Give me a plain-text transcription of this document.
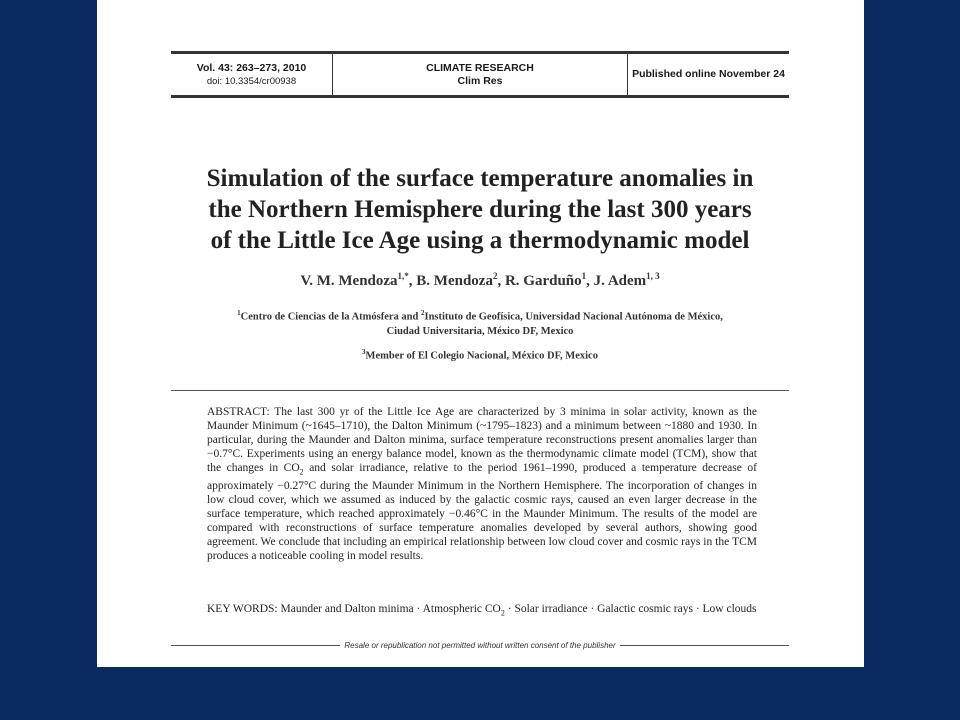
Vol. 43: 263–273, 2010
doi: 10.3354/cr00938
CLIMATE RESEARCH
Clim Res
Published online November 24
Simulation of the surface temperature anomalies in
the Northern Hemisphere during the last 300 years
of the Little Ice Age using a thermodynamic model
V. M. Mendoza$^{1,*}$, B. Mendoza$^2$, R. Garduño$^1$, J. Adem$^{1, 3}$
$^1$Centro de Ciencias de la Atmósfera and $^2$Instituto de Geofísica, Universidad Nacional Autónoma de México,
Ciudad Universitaria, México DF, Mexico
$^3$Member of El Colegio Nacional, México DF, Mexico

ABSTRACT: The last 300 yr of the Little Ice Age are characterized by 3 minima in solar activity, known as the Maunder Minimum (~1645–1710), the Dalton Minimum (~1795–1823) and a minimum between ~1880 and 1930. In particular, during the Maunder and Dalton minima, surface temperature reconstructions present anomalies larger than −0.7°C. Experiments using an energy balance model, known as the thermodynamic climate model (TCM), show that the changes in $CO_2$ and solar irradiance, relative to the period 1961–1990, produced a temperature decrease of approximately −0.27°C during the Maunder Minimum in the Northern Hemisphere. The incorporation of changes in low cloud cover, which we assumed as induced by the galactic cosmic rays, caused an even larger decrease in the surface temperature, which reached approximately −0.46°C in the Maunder Minimum. The results of the model are compared with reconstructions of surface temperature anomalies developed by several authors, showing good agreement. We conclude that including an empirical relationship between low cloud cover and cosmic rays in the TCM produces a noticeable cooling in model results.

KEY WORDS: Maunder and Dalton minima · Atmospheric $CO_2$ · Solar irradiance · Galactic cosmic rays · Low clouds

Resale or republication not permitted without written consent of the publisher
